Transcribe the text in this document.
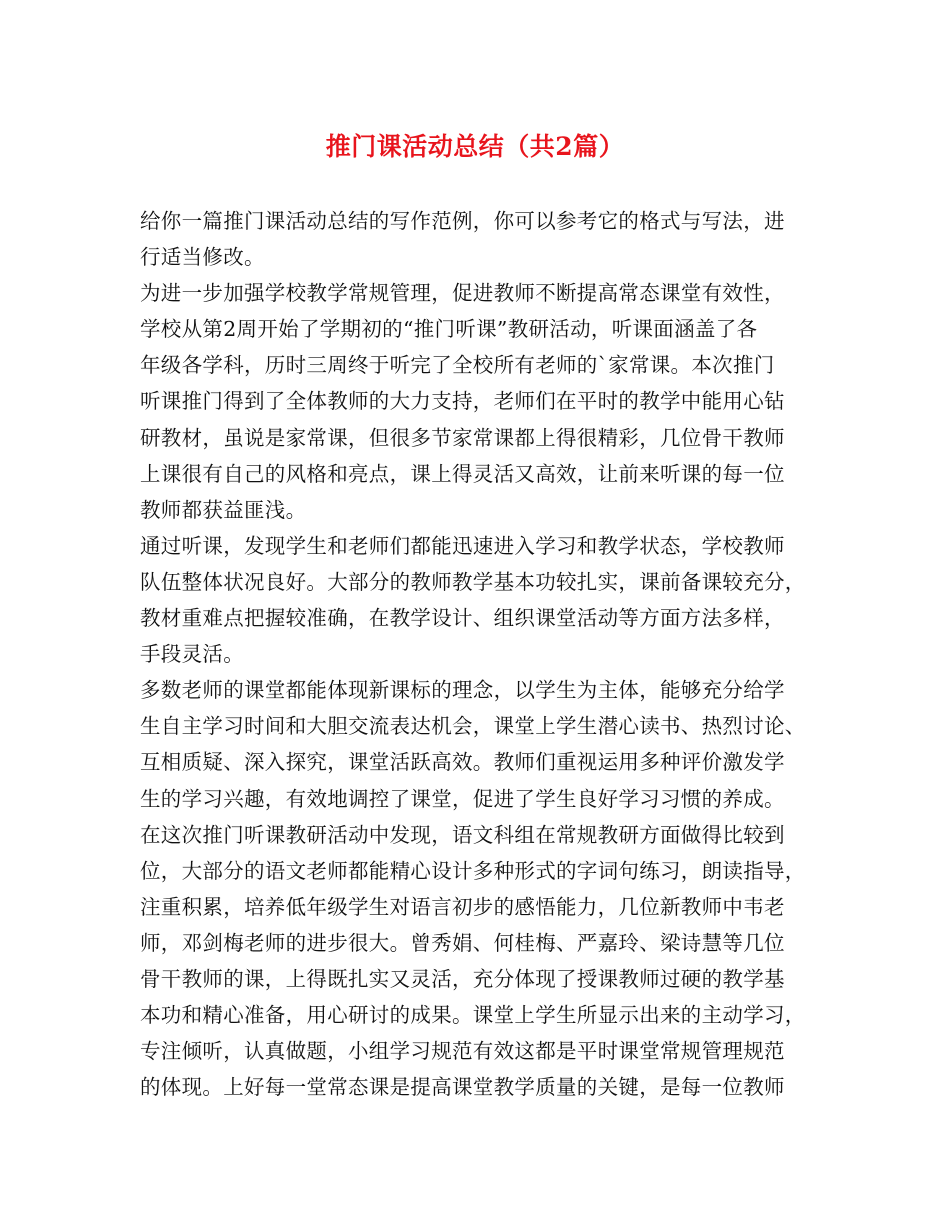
推门课活动总结（共2篇）
给你一篇推门课活动总结的写作范例，你可以参考它的格式与写法，进
行适当修改。
为进一步加强学校教学常规管理，促进教师不断提高常态课堂有效性，
学校从第2周开始了学期初的“推门听课”教研活动，听课面涵盖了各
年级各学科，历时三周终于听完了全校所有老师的`家常课。本次推门
听课推门得到了全体教师的大力支持，老师们在平时的教学中能用心钻
研教材，虽说是家常课，但很多节家常课都上得很精彩，几位骨干教师
上课很有自己的风格和亮点，课上得灵活又高效，让前来听课的每一位
教师都获益匪浅。
通过听课，发现学生和老师们都能迅速进入学习和教学状态，学校教师
队伍整体状况良好。大部分的教师教学基本功较扎实，课前备课较充分，
教材重难点把握较准确，在教学设计、组织课堂活动等方面方法多样，
手段灵活。
多数老师的课堂都能体现新课标的理念，以学生为主体，能够充分给学
生自主学习时间和大胆交流表达机会，课堂上学生潜心读书、热烈讨论、
互相质疑、深入探究，课堂活跃高效。教师们重视运用多种评价激发学
生的学习兴趣，有效地调控了课堂，促进了学生良好学习习惯的养成。
在这次推门听课教研活动中发现，语文科组在常规教研方面做得比较到
位，大部分的语文老师都能精心设计多种形式的字词句练习，朗读指导，
注重积累，培养低年级学生对语言初步的感悟能力，几位新教师中韦老
师，邓剑梅老师的进步很大。曾秀娟、何桂梅、严嘉玲、梁诗慧等几位
骨干教师的课，上得既扎实又灵活，充分体现了授课教师过硬的教学基
本功和精心准备，用心研讨的成果。课堂上学生所显示出来的主动学习，
专注倾听，认真做题，小组学习规范有效这都是平时课堂常规管理规范
的体现。上好每一堂常态课是提高课堂教学质量的关键，是每一位教师
